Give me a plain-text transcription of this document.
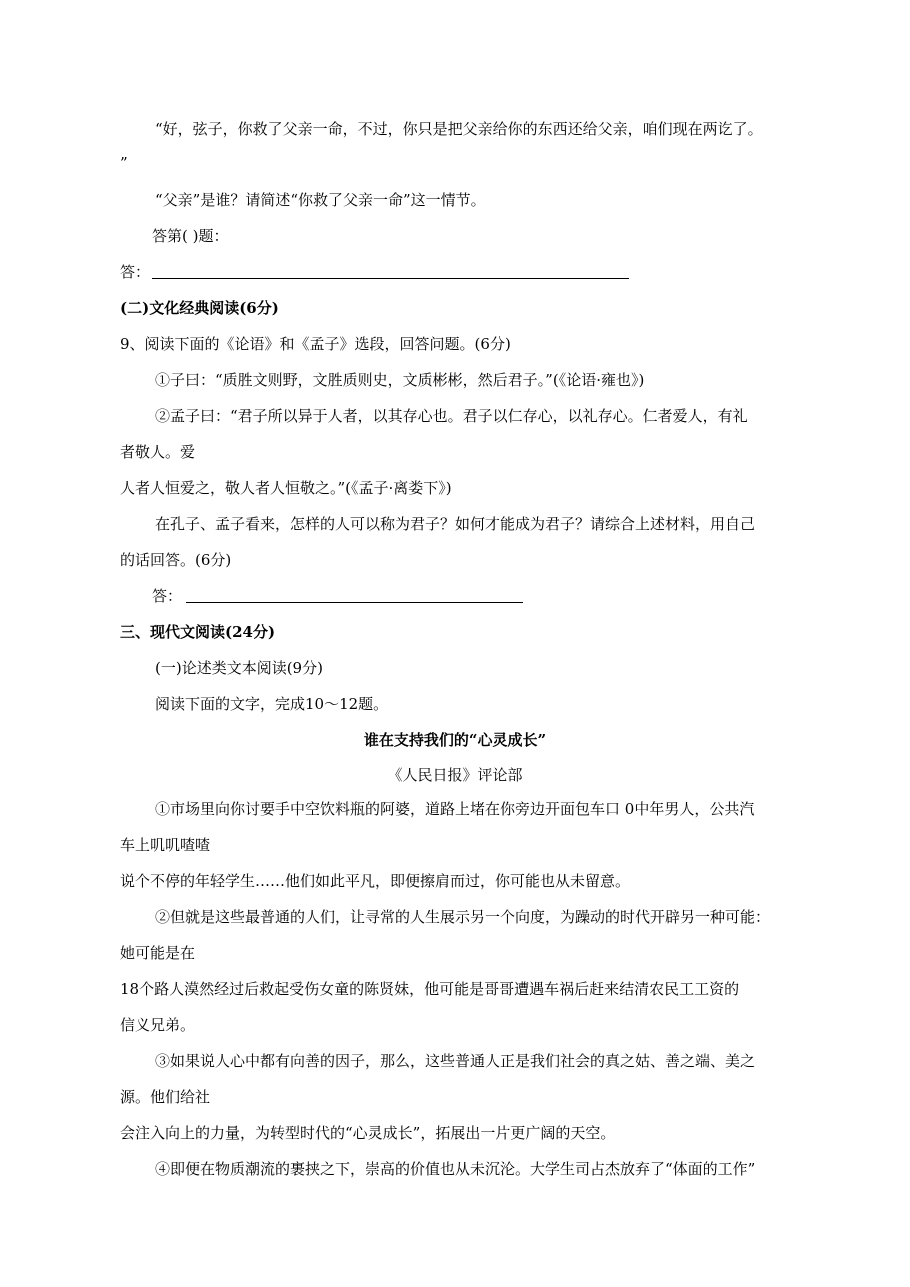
“好，弦子，你救了父亲一命，不过，你只是把父亲给你的东西还给父亲，咱们现在两讫了。
”
“父亲”是谁？请简述“你救了父亲一命”这一情节。
答第( )题：
答：
(二)文化经典阅读(6分)
9、阅读下面的《论语》和《孟子》选段，回答问题。(6分)
①子曰：“质胜文则野，文胜质则史，文质彬彬，然后君子。”(《论语·雍也》)
②孟子曰：“君子所以异于人者，以其存心也。君子以仁存心，以礼存心。仁者爱人，有礼
者敬人。爱
人者人恒爱之，敬人者人恒敬之。”(《孟子·离娄下》)
在孔子、孟子看来，怎样的人可以称为君子？如何才能成为君子？请综合上述材料，用自己
的话回答。(6分)
答：
三、现代文阅读(24分)
(一)论述类文本阅读(9分)
阅读下面的文字，完成10～12题。
谁在支持我们的“心灵成长”
《人民日报》评论部
①市场里向你讨要手中空饮料瓶的阿婆，道路上堵在你旁边开面包车口 0中年男人，公共汽
车上叽叽喳喳
说个不停的年轻学生……他们如此平凡，即便擦肩而过，你可能也从未留意。
②但就是这些最普通的人们，让寻常的人生展示另一个向度，为躁动的时代开辟另一种可能：
她可能是在
18个路人漠然经过后救起受伤女童的陈贤妹，他可能是哥哥遭遇车祸后赶来结清农民工工资的
信义兄弟。
③如果说人心中都有向善的因子，那么，这些普通人正是我们社会的真之姑、善之端、美之
源。他们给社
会注入向上的力量，为转型时代的“心灵成长”，拓展出一片更广阔的天空。
④即便在物质潮流的裹挟之下，崇高的价值也从未沉沦。大学生司占杰放弃了“体面的工作”
